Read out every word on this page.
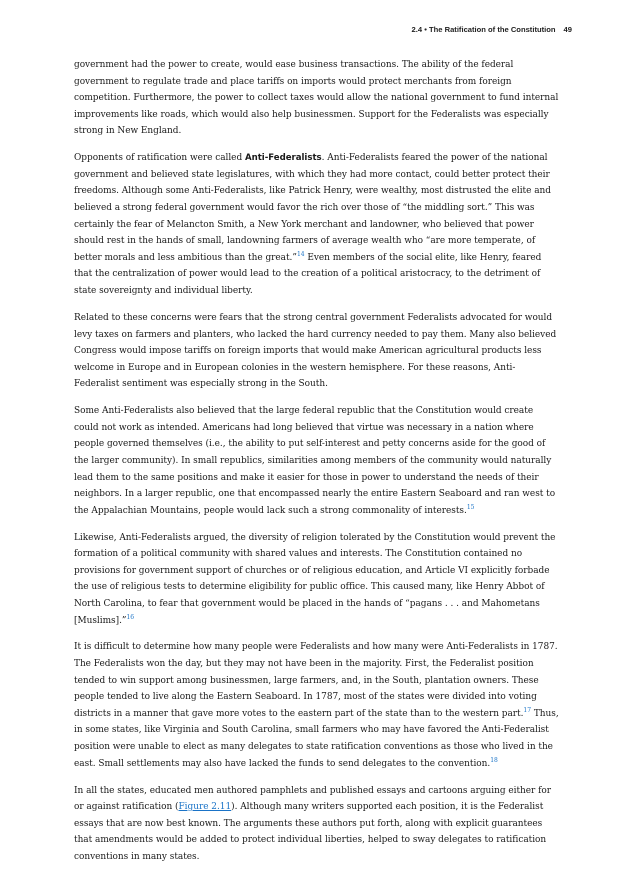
2.4 • The Ratification of the Constitution 49

government had the power to create, would ease business transactions. The ability of the federal government to regulate trade and place tariffs on imports would protect merchants from foreign competition. Furthermore, the power to collect taxes would allow the national government to fund internal improvements like roads, which would also help businessmen. Support for the Federalists was especially strong in New England.

Opponents of ratification were called Anti-Federalists. Anti-Federalists feared the power of the national government and believed state legislatures, with which they had more contact, could better protect their freedoms. Although some Anti-Federalists, like Patrick Henry, were wealthy, most distrusted the elite and believed a strong federal government would favor the rich over those of “the middling sort.” This was certainly the fear of Melancton Smith, a New York merchant and landowner, who believed that power should rest in the hands of small, landowning farmers of average wealth who “are more temperate, of better morals and less ambitious than the great.”$^{14}$ Even members of the social elite, like Henry, feared that the centralization of power would lead to the creation of a political aristocracy, to the detriment of state sovereignty and individual liberty.

Related to these concerns were fears that the strong central government Federalists advocated for would levy taxes on farmers and planters, who lacked the hard currency needed to pay them. Many also believed Congress would impose tariffs on foreign imports that would make American agricultural products less welcome in Europe and in European colonies in the western hemisphere. For these reasons, Anti-Federalist sentiment was especially strong in the South.

Some Anti-Federalists also believed that the large federal republic that the Constitution would create could not work as intended. Americans had long believed that virtue was necessary in a nation where people governed themselves (i.e., the ability to put self-interest and petty concerns aside for the good of the larger community). In small republics, similarities among members of the community would naturally lead them to the same positions and make it easier for those in power to understand the needs of their neighbors. In a larger republic, one that encompassed nearly the entire Eastern Seaboard and ran west to the Appalachian Mountains, people would lack such a strong commonality of interests.$^{15}$

Likewise, Anti-Federalists argued, the diversity of religion tolerated by the Constitution would prevent the formation of a political community with shared values and interests. The Constitution contained no provisions for government support of churches or of religious education, and Article VI explicitly forbade the use of religious tests to determine eligibility for public office. This caused many, like Henry Abbot of North Carolina, to fear that government would be placed in the hands of “pagans . . . and Mahometans [Muslims].”$^{16}$

It is difficult to determine how many people were Federalists and how many were Anti-Federalists in 1787. The Federalists won the day, but they may not have been in the majority. First, the Federalist position tended to win support among businessmen, large farmers, and, in the South, plantation owners. These people tended to live along the Eastern Seaboard. In 1787, most of the states were divided into voting districts in a manner that gave more votes to the eastern part of the state than to the western part.$^{17}$ Thus, in some states, like Virginia and South Carolina, small farmers who may have favored the Anti-Federalist position were unable to elect as many delegates to state ratification conventions as those who lived in the east. Small settlements may also have lacked the funds to send delegates to the convention.$^{18}$

In all the states, educated men authored pamphlets and published essays and cartoons arguing either for or against ratification (Figure 2.11). Although many writers supported each position, it is the Federalist essays that are now best known. The arguments these authors put forth, along with explicit guarantees that amendments would be added to protect individual liberties, helped to sway delegates to ratification conventions in many states.
